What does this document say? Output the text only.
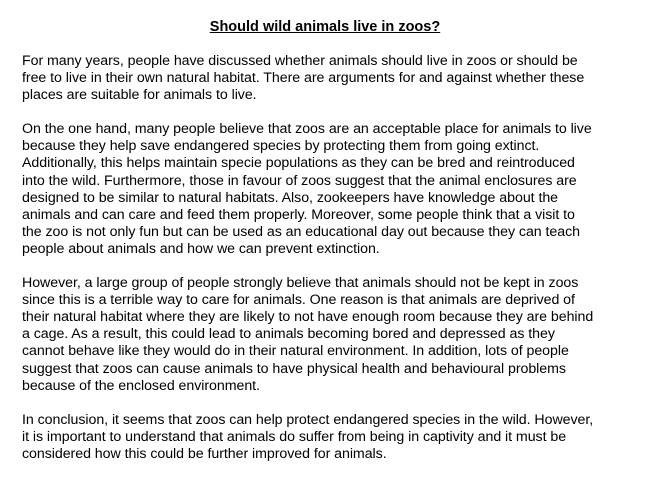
Should wild animals live in zoos?

For many years, people have discussed whether animals should live in zoos or should be
free to live in their own natural habitat. There are arguments for and against whether these
places are suitable for animals to live.

On the one hand, many people believe that zoos are an acceptable place for animals to live
because they help save endangered species by protecting them from going extinct.
Additionally, this helps maintain specie populations as they can be bred and reintroduced
into the wild. Furthermore, those in favour of zoos suggest that the animal enclosures are
designed to be similar to natural habitats. Also, zookeepers have knowledge about the
animals and can care and feed them properly. Moreover, some people think that a visit to
the zoo is not only fun but can be used as an educational day out because they can teach
people about animals and how we can prevent extinction.

However, a large group of people strongly believe that animals should not be kept in zoos
since this is a terrible way to care for animals. One reason is that animals are deprived of
their natural habitat where they are likely to not have enough room because they are behind
a cage. As a result, this could lead to animals becoming bored and depressed as they
cannot behave like they would do in their natural environment. In addition, lots of people
suggest that zoos can cause animals to have physical health and behavioural problems
because of the enclosed environment.

In conclusion, it seems that zoos can help protect endangered species in the wild. However,
it is important to understand that animals do suffer from being in captivity and it must be
considered how this could be further improved for animals.
